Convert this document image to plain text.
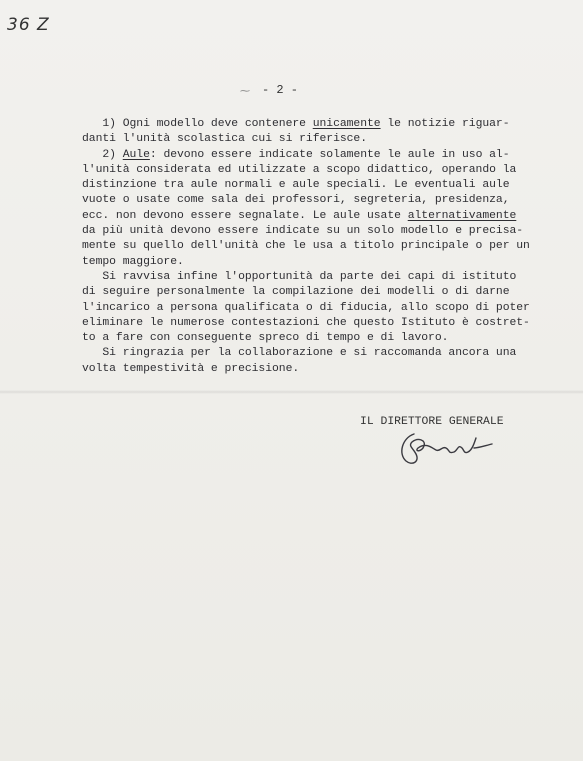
36 Z
⁓ - 2 -

1) Ogni modello deve contenere unicamente le notizie riguar-
danti l'unità scolastica cui si riferisce.

2) Aule: devono essere indicate solamente le aule in uso al-
l'unità considerata ed utilizzate a scopo didattico, operando la
distinzione tra aule normali e aule speciali. Le eventuali aule
vuote o usate come sala dei professori, segreteria, presidenza,
ecc. non devono essere segnalate. Le aule usate alternativamente
da più unità devono essere indicate su un solo modello e precisa-
mente su quello dell'unità che le usa a titolo principale o per un
tempo maggiore.

Si ravvisa infine l'opportunità da parte dei capi di istituto
di seguire personalmente la compilazione dei modelli o di darne
l'incarico a persona qualificata o di fiducia, allo scopo di poter
eliminare le numerose contestazioni che questo Istituto è costret-
to a fare con conseguente spreco di tempo e di lavoro.

Si ringrazia per la collaborazione e si raccomanda ancora una
volta tempestività e precisione.

IL DIRETTORE GENERALE
